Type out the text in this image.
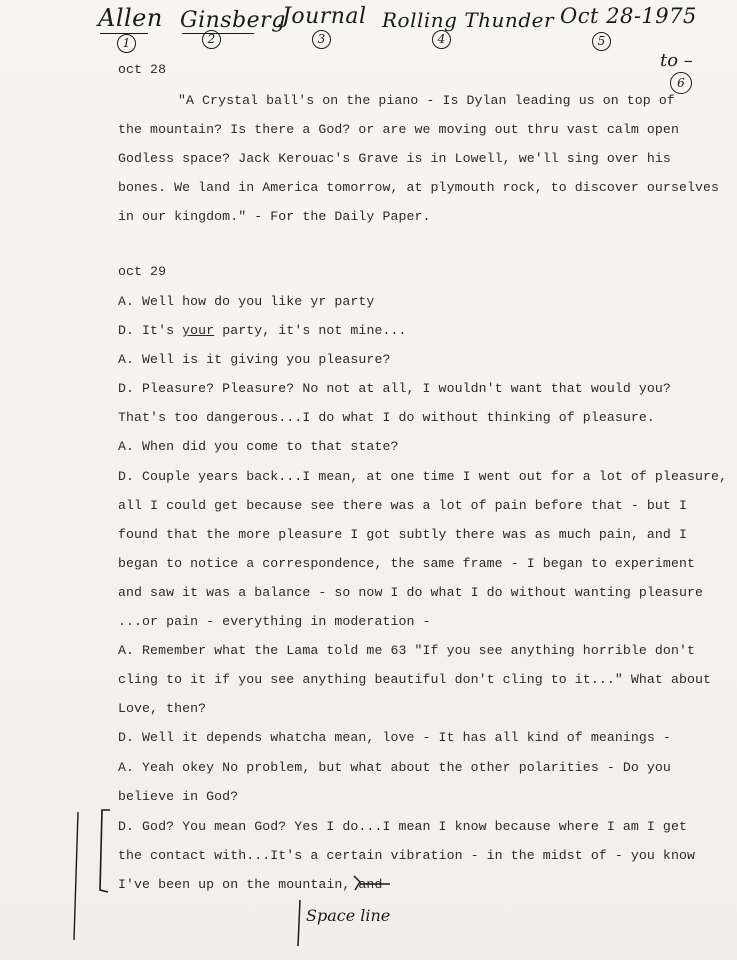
Allen Ginsberg
Journal Rolling Thunder Oct 28-1975
1	2	3	4	5
to –
6
oct 28
"A Crystal ball's on the piano - Is Dylan leading us on top of
the mountain? Is there a God? or are we moving out thru vast calm open
Godless space? Jack Kerouac's Grave is in Lowell, we'll sing over his
bones. We land in America tomorrow, at plymouth rock, to discover ourselves
in our kingdom." - For the Daily Paper.
oct 29
A. Well how do you like yr party
D. It's your party, it's not mine...
A. Well is it giving you pleasure?
D. Pleasure? Pleasure? No not at all, I wouldn't want that would you?
That's too dangerous...I do what I do without thinking of pleasure.
A. When did you come to that state?
D. Couple years back...I mean, at one time I went out for a lot of pleasure,
all I could get because see there was a lot of pain before that - but I
found that the more pleasure I got subtly there was as much pain, and I
began to notice a correspondence, the same frame - I began to experiment
and saw it was a balance - so now I do what I do without wanting pleasure
...or pain - everything in moderation -
A. Remember what the Lama told me 63 "If you see anything horrible don't
cling to it if you see anything beautiful don't cling to it..." What about
Love, then?
D. Well it depends whatcha mean, love - It has all kind of meanings -
A. Yeah okey No problem, but what about the other polarities - Do you
believe in God?
D. God? You mean God? Yes I do...I mean I know because where I am I get
the contact with...It's a certain vibration - in the midst of - you know
I've been up on the mountain, and
Space line
